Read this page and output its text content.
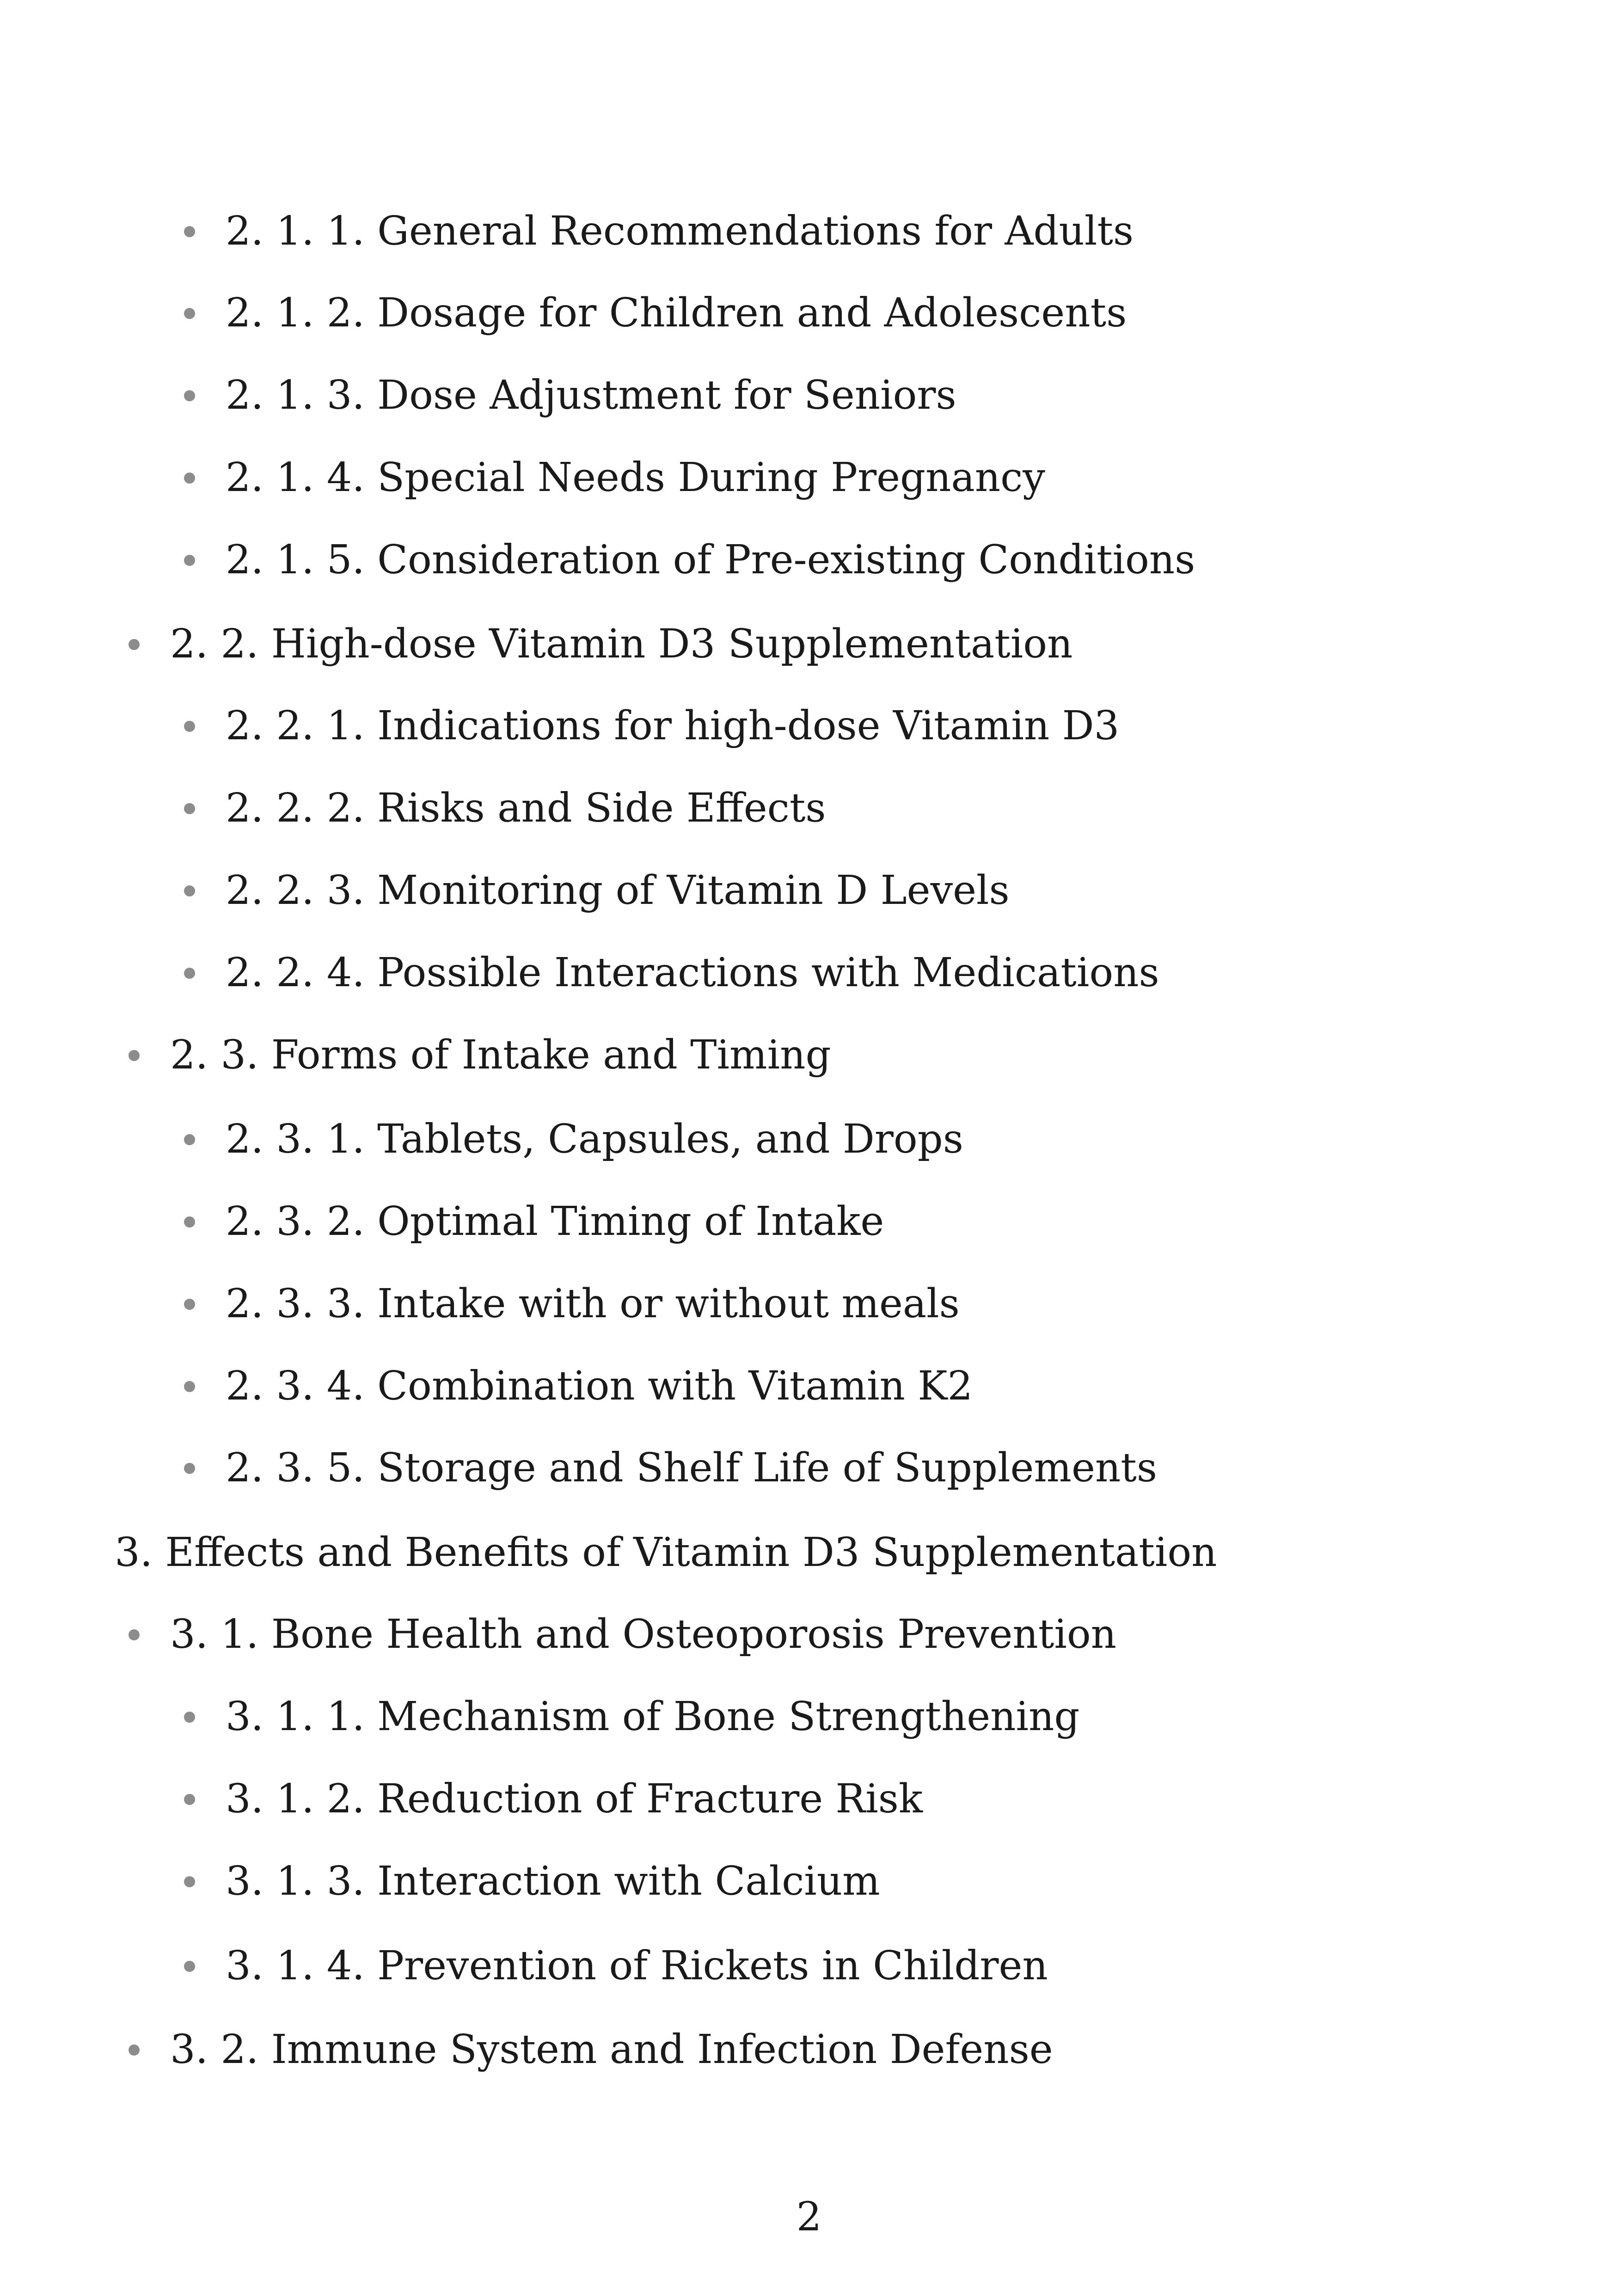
2. 1. 1. General Recommendations for Adults
2. 1. 2. Dosage for Children and Adolescents
2. 1. 3. Dose Adjustment for Seniors
2. 1. 4. Special Needs During Pregnancy
2. 1. 5. Consideration of Pre-existing Conditions
2. 2. High-dose Vitamin D3 Supplementation
2. 2. 1. Indications for high-dose Vitamin D3
2. 2. 2. Risks and Side Effects
2. 2. 3. Monitoring of Vitamin D Levels
2. 2. 4. Possible Interactions with Medications
2. 3. Forms of Intake and Timing
2. 3. 1. Tablets, Capsules, and Drops
2. 3. 2. Optimal Timing of Intake
2. 3. 3. Intake with or without meals
2. 3. 4. Combination with Vitamin K2
2. 3. 5. Storage and Shelf Life of Supplements
3. Effects and Benefits of Vitamin D3 Supplementation
3. 1. Bone Health and Osteoporosis Prevention
3. 1. 1. Mechanism of Bone Strengthening
3. 1. 2. Reduction of Fracture Risk
3. 1. 3. Interaction with Calcium
3. 1. 4. Prevention of Rickets in Children
3. 2. Immune System and Infection Defense
2
